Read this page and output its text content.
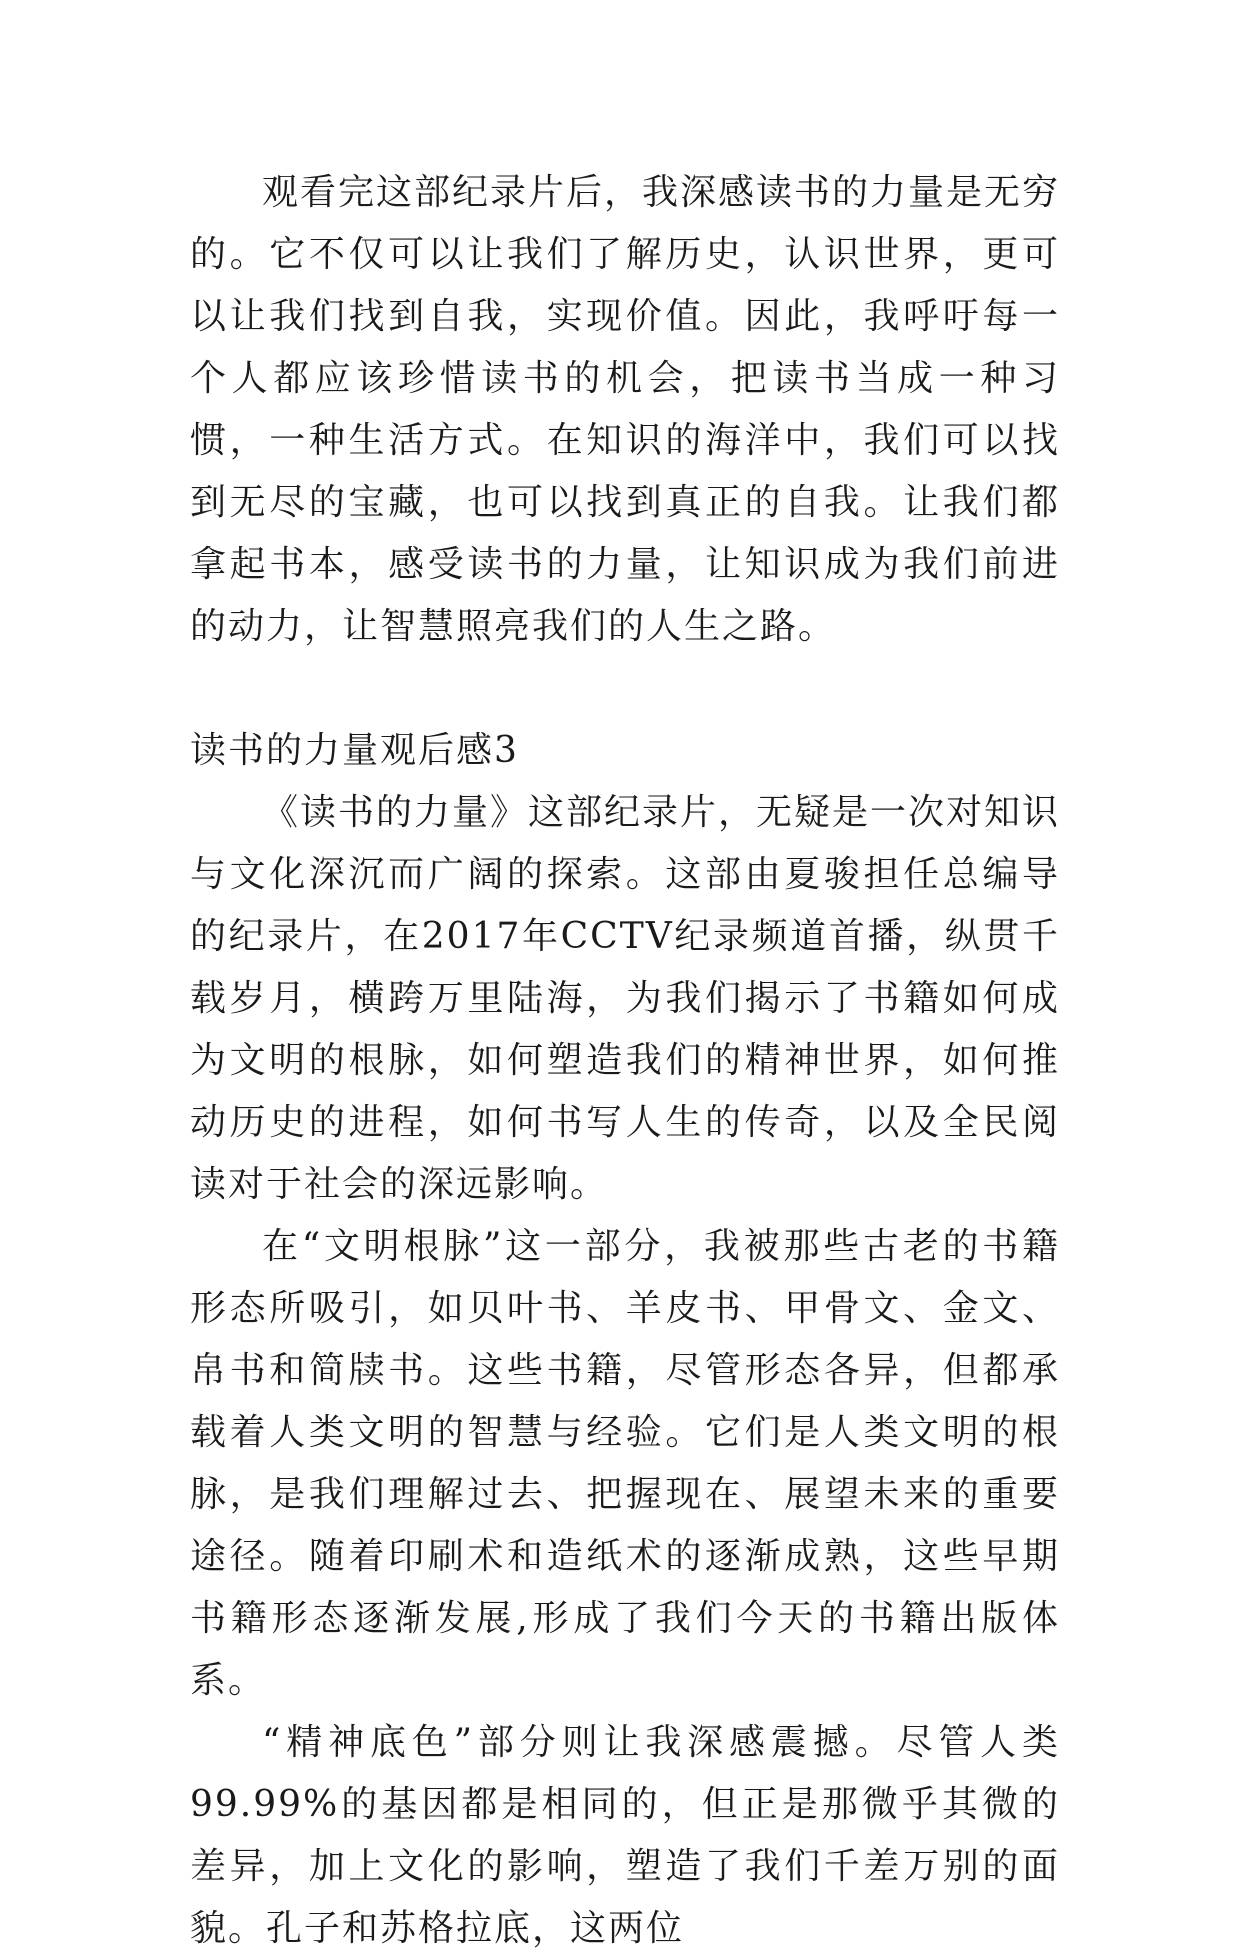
观看完这部纪录片后，我深感读书的力量是无穷的。它不仅可以让我们了解历史，认识世界，更可以让我们找到自我，实现价值。因此，我呼吁每一个人都应该珍惜读书的机会，把读书当成一种习惯，一种生活方式。在知识的海洋中，我们可以找到无尽的宝藏，也可以找到真正的自我。让我们都拿起书本，感受读书的力量，让知识成为我们前进的动力，让智慧照亮我们的人生之路。

读书的力量观后感3

《读书的力量》这部纪录片，无疑是一次对知识与文化深沉而广阔的探索。这部由夏骏担任总编导的纪录片，在2017年CCTV纪录频道首播，纵贯千载岁月，横跨万里陆海，为我们揭示了书籍如何成为文明的根脉，如何塑造我们的精神世界，如何推动历史的进程，如何书写人生的传奇，以及全民阅读对于社会的深远影响。

在“文明根脉”这一部分，我被那些古老的书籍形态所吸引，如贝叶书、羊皮书、甲骨文、金文、帛书和简牍书。这些书籍，尽管形态各异，但都承载着人类文明的智慧与经验。它们是人类文明的根脉，是我们理解过去、把握现在、展望未来的重要途径。随着印刷术和造纸术的逐渐成熟，这些早期书籍形态逐渐发展,形成了我们今天的书籍出版体系。

“精神底色”部分则让我深感震撼。尽管人类99.99%的基因都是相同的，但正是那微乎其微的差异，加上文化的影响，塑造了我们千差万别的面貌。孔子和苏格拉底，这两位
